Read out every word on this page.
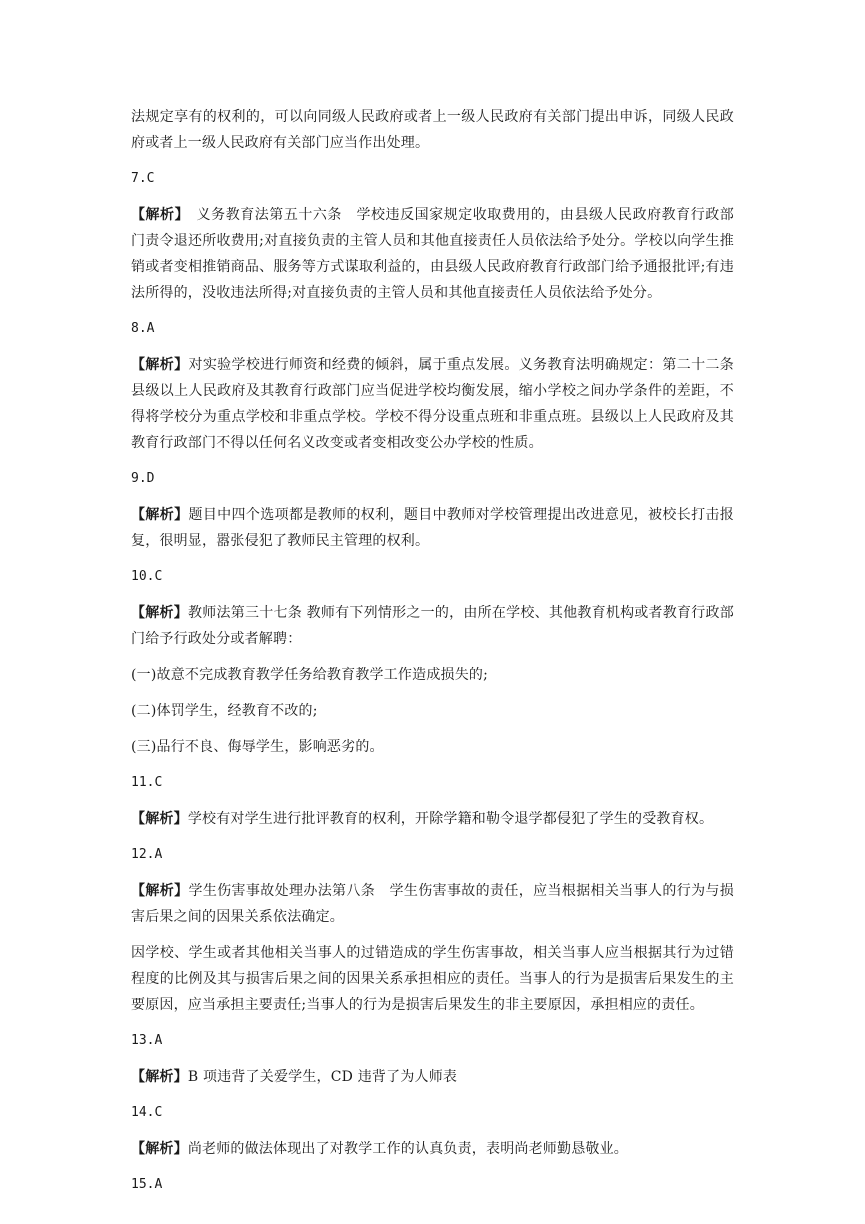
法规定享有的权利的，可以向同级人民政府或者上一级人民政府有关部门提出申诉，同级人民政府或者上一级人民政府有关部门应当作出处理。

7.C

【解析】　义务教育法第五十六条　学校违反国家规定收取费用的，由县级人民政府教育行政部门责令退还所收费用;对直接负责的主管人员和其他直接责任人员依法给予处分。学校以向学生推销或者变相推销商品、服务等方式谋取利益的，由县级人民政府教育行政部门给予通报批评;有违法所得的，没收违法所得;对直接负责的主管人员和其他直接责任人员依法给予处分。

8.A

【解析】对实验学校进行师资和经费的倾斜，属于重点发展。义务教育法明确规定：第二十二条　县级以上人民政府及其教育行政部门应当促进学校均衡发展，缩小学校之间办学条件的差距，不得将学校分为重点学校和非重点学校。学校不得分设重点班和非重点班。县级以上人民政府及其教育行政部门不得以任何名义改变或者变相改变公办学校的性质。

9.D

【解析】题目中四个选项都是教师的权利，题目中教师对学校管理提出改进意见，被校长打击报复，很明显，嚣张侵犯了教师民主管理的权利。

10.C

【解析】教师法第三十七条 教师有下列情形之一的，由所在学校、其他教育机构或者教育行政部门给予行政处分或者解聘：

(一)故意不完成教育教学任务给教育教学工作造成损失的;

(二)体罚学生，经教育不改的;

(三)品行不良、侮辱学生，影响恶劣的。

11.C

【解析】学校有对学生进行批评教育的权利，开除学籍和勒令退学都侵犯了学生的受教育权。

12.A

【解析】学生伤害事故处理办法第八条　学生伤害事故的责任，应当根据相关当事人的行为与损害后果之间的因果关系依法确定。

因学校、学生或者其他相关当事人的过错造成的学生伤害事故，相关当事人应当根据其行为过错程度的比例及其与损害后果之间的因果关系承担相应的责任。当事人的行为是损害后果发生的主要原因，应当承担主要责任;当事人的行为是损害后果发生的非主要原因，承担相应的责任。

13.A

【解析】B 项违背了关爱学生，CD 违背了为人师表

14.C

【解析】尚老师的做法体现出了对教学工作的认真负责，表明尚老师勤恳敬业。

15.A
